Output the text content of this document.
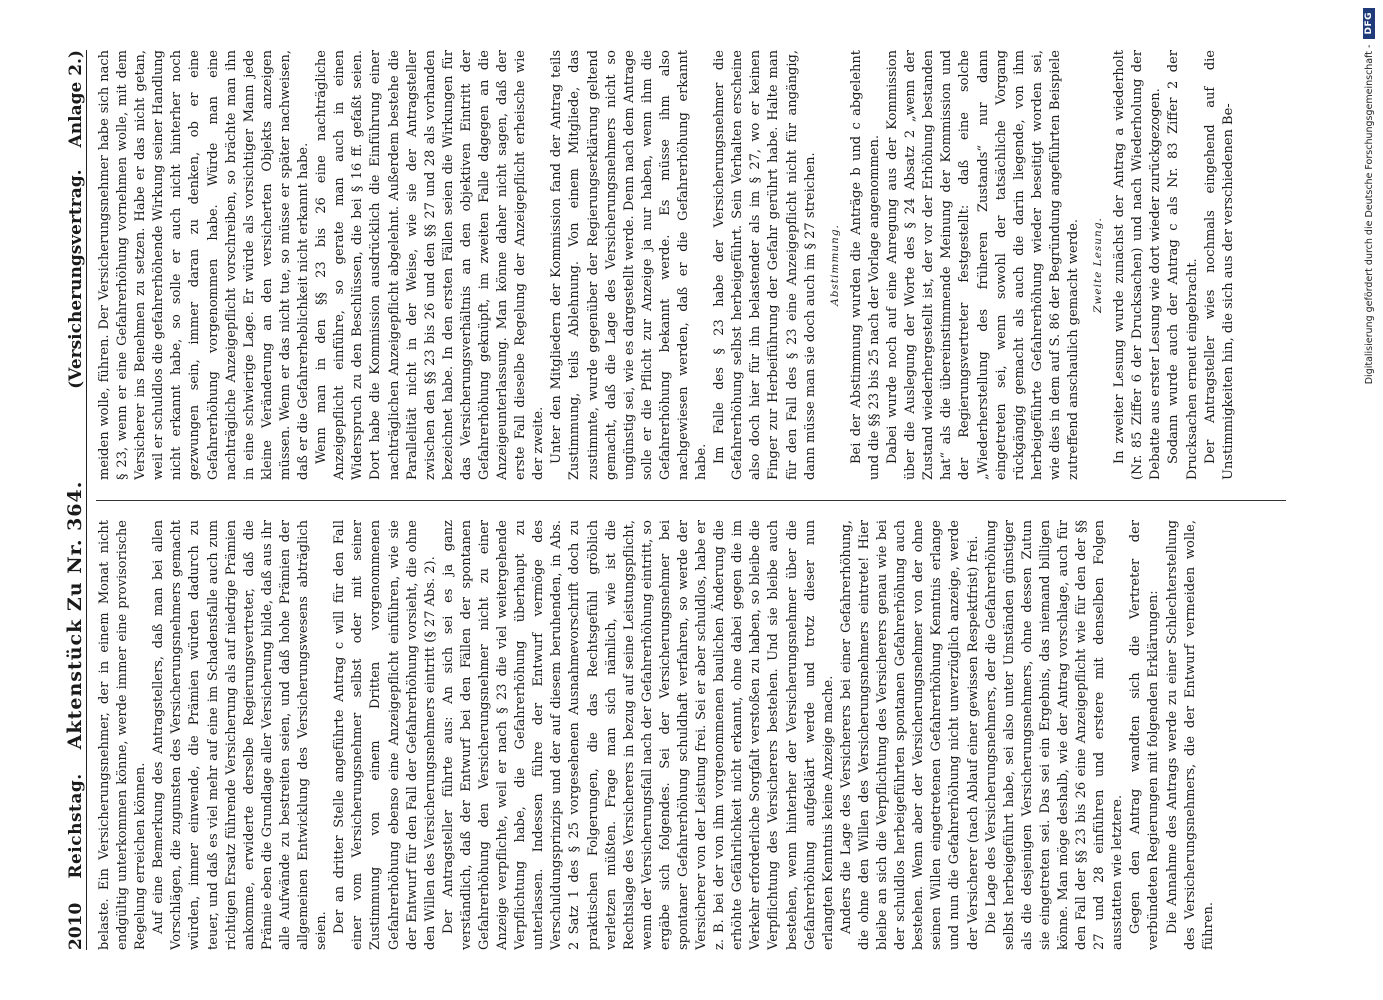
2010
Reichstag.
Aktenstück Zu Nr. 364.
(Versicherungsvertrag.
Anlage 2.)

belaste. Ein Versicherungsnehmer, der in einem Monat nicht endgültig unterkommen könne, werde immer eine provisorische Regelung erreichen können. Auf eine Bemerkung des Antragstellers, daß man bei allen Vorschlägen, die zugunsten des Versicherungsnehmers gemacht würden, immer einwende, die Prämien würden dadurch zu teuer, und daß es viel mehr auf eine im Schadensfalle auch zum richtigen Ersatz führende Versicherung als auf niedrige Prämien ankomme, erwiderte derselbe Regierungsvertreter, daß die Prämie eben die Grundlage aller Versicherung bilde, daß aus ihr alle Aufwände zu bestreiten seien, und daß hohe Prämien der allgemeinen Entwicklung des Versicherungswesens abträglich seien. Der an dritter Stelle angeführte Antrag c will für den Fall einer vom Versicherungsnehmer selbst oder mit seiner Zustimmung von einem Dritten vorgenommenen Gefahrerhöhung ebenso eine Anzeigepflicht einführen, wie sie der Entwurf für den Fall der Gefahrerhöhung vorsieht, die ohne den Willen des Versicherungsnehmers eintritt (§ 27 Abs. 2). Der Antragsteller führte aus: An sich sei es ja ganz verständlich, daß der Entwurf bei den Fällen der spontanen Gefahrerhöhung den Versicherungsnehmer nicht zu einer Anzeige verpflichte, weil er nach § 23 die viel weitergehende Verpflichtung habe, die Gefahrerhöhung überhaupt zu unterlassen. Indessen führe der Entwurf vermöge des Verschuldungsprinzips und der auf diesem beruhenden, in Abs. 2 Satz 1 des § 25 vorgesehenen Ausnahmevorschrift doch zu praktischen Folgerungen, die das Rechtsgefühl gröblich verletzen müßten. Frage man sich nämlich, wie ist die Rechtslage des Versicherers in bezug auf seine Leistungspflicht, wenn der Versicherungsfall nach der Gefahrerhöhung eintritt, so ergäbe sich folgendes. Sei der Versicherungsnehmer bei spontaner Gefahrerhöhung schuldhaft verfahren, so werde der Versicherer von der Leistung frei. Sei er aber schuldlos, habe er z. B. bei der von ihm vorgenommenen baulichen Änderung die erhöhte Gefährlichkeit nicht erkannt, ohne dabei gegen die im Verkehr erforderliche Sorgfalt verstoßen zu haben, so bleibe die Verpflichtung des Versicherers bestehen. Und sie bleibe auch bestehen, wenn hinterher der Versicherungsnehmer über die Gefahrerhöhung aufgeklärt werde und trotz dieser nun erlangten Kenntnis keine Anzeige mache. Anders die Lage des Versicherers bei einer Gefahrerhöhung, die ohne den Willen des Versicherungsnehmers eintrete! Hier bleibe an sich die Verpflichtung des Versicherers genau wie bei der schuldlos herbeigeführten spontanen Gefahrerhöhung auch bestehen. Wenn aber der Versicherungsnehmer von der ohne seinen Willen eingetretenen Gefahrerhöhung Kenntnis erlange und nun die Gefahrerhöhung nicht unverzüglich anzeige, werde der Versicherer (nach Ablauf einer gewissen Respektfrist) frei. Die Lage des Versicherungsnehmers, der die Gefahrerhöhung selbst herbeigeführt habe, sei also unter Umständen günstiger als die desjenigen Versicherungsnehmers, ohne dessen Zutun sie eingetreten sei. Das sei ein Ergebnis, das niemand billigen könne. Man möge deshalb, wie der Antrag vorschlage, auch für den Fall der §§ 23 bis 26 eine Anzeigepflicht wie für den der §§ 27 und 28 einführen und erstere mit denselben Folgen ausstatten wie letztere. Gegen den Antrag wandten sich die Vertreter der verbündeten Regierungen mit folgenden Erklärungen: Die Annahme des Antrags werde zu einer Schlechterstellung des Versicherungsnehmers, die der Entwurf vermeiden wolle, führen.

meiden wolle, führen. Der Versicherungsnehmer habe sich nach § 23, wenn er eine Gefahrerhöhung vornehmen wolle, mit dem Versicherer ins Benehmen zu setzen. Habe er das nicht getan, weil er schuldlos die gefahrerhöhende Wirkung seiner Handlung nicht erkannt habe, so solle er auch nicht hinterher noch gezwungen sein, immer daran zu denken, ob er eine Gefahrerhöhung vorgenommen habe. Würde man eine nachträgliche Anzeigepflicht vorschreiben, so brächte man ihn in eine schwierige Lage. Er würde als vorsichtiger Mann jede kleine Veränderung an den versicherten Objekts anzeigen müssen. Wenn er das nicht tue, so müsse er später nachweisen, daß er die Gefahrerheblichkeit nicht erkannt habe. Wenn man in den §§ 23 bis 26 eine nachträgliche Anzeigepflicht einführe, so gerate man auch in einen Widerspruch zu den Beschlüssen, die bei § 16 ff. gefaßt seien. Dort habe die Kommission ausdrücklich die Einführung einer nachträglichen Anzeigepflicht abgelehnt. Außerdem bestehe die Parallelität nicht in der Weise, wie sie der Antragsteller zwischen den §§ 23 bis 26 und den §§ 27 und 28 als vorhanden bezeichnet habe. In den ersten Fällen seien die Wirkungen für das Versicherungsverhältnis an den objektiven Eintritt der Gefahrerhöhung geknüpft, im zweiten Falle dagegen an die Anzeigeunterlassung. Man könne daher nicht sagen, daß der erste Fall dieselbe Regelung der Anzeigepflicht erheische wie der zweite. Unter den Mitgliedern der Kommission fand der Antrag teils Zustimmung, teils Ablehnung. Von einem Mitgliede, das zustimmte, wurde gegenüber der Regierungserklärung geltend gemacht, daß die Lage des Versicherungsnehmers nicht so ungünstig sei, wie es dargestellt werde. Denn nach dem Antrage solle er die Pflicht zur Anzeige ja nur haben, wenn ihm die Gefahrerhöhung bekannt werde. Es müsse ihm also nachgewiesen werden, daß er die Gefahrerhöhung erkannt habe. Im Falle des § 23 habe der Versicherungsnehmer die Gefahrerhöhung selbst herbeigeführt. Sein Verhalten erscheine also doch hier für ihn belastender als im § 27, wo er keinen Finger zur Herbeiführung der Gefahr gerührt habe. Halte man für den Fall des § 23 eine Anzeigepflicht nicht für angängig, dann müsse man sie doch auch im § 27 streichen. Abstimmung. Bei der Abstimmung wurden die Anträge b und c abgelehnt und die §§ 23 bis 25 nach der Vorlage angenommen. Dabei wurde noch auf eine Anregung aus der Kommission über die Auslegung der Worte des § 24 Absatz 2 „wenn der Zustand wiederhergestellt ist, der vor der Erhöhung bestanden hat“ als die übereinstimmende Meinung der Kommission und der Regierungsvertreter festgestellt: daß eine solche „Wiederherstellung des früheren Zustands“ nur dann eingetreten sei, wenn sowohl der tatsächliche Vorgang rückgängig gemacht als auch die darin liegende, von ihm herbeigeführte Gefahrerhöhung wieder beseitigt worden sei, wie dies in dem auf S. 86 der Begründung angeführten Beispiele zutreffend anschaulich gemacht werde. Zweite Lesung. In zweiter Lesung wurde zunächst der Antrag a wiederholt (Nr. 85 Ziffer 6 der Drucksachen) und nach Wiederholung der Debatte aus erster Lesung wie dort wieder zurückgezogen. Sodann wurde auch der Antrag c als Nr. 83 Ziffer 2 der Drucksachen erneut eingebracht. Der Antragsteller wies nochmals eingehend auf die Unstimmigkeiten hin, die sich aus der verschiedenen Be-	Digitalisierung gefördert durch die Deutsche Forschungsgemeinschaft -
DFG
